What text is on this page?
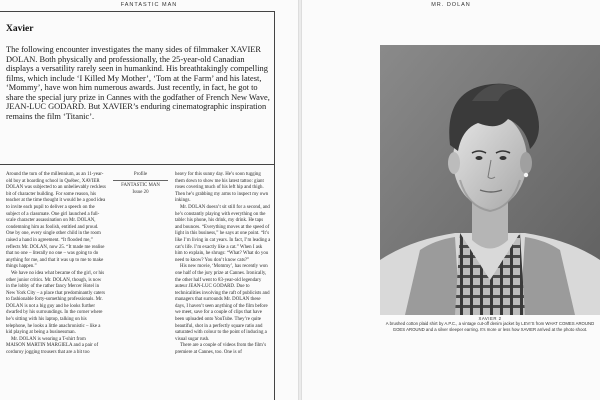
FANTASTIC MAN
Xavier

The following encounter investigates the many sides of filmmaker XAVIER DOLAN. Both physically and professionally, the 25-year-old Canadian displays a versatility rarely seen in humankind. His breathtakingly compelling films, which include ‘I Killed My Mother’, ‘Tom at the Farm’ and his latest, ‘Mommy’, have won him numerous awards. Just recently, in fact, he got to share the special jury prize in Cannes with the godfather of French New Wave, JEAN-LUC GODARD. But XAVIER’s enduring cinematographic inspiration remains the film ‘Titanic’.

Around the turn of the millennium, as an 11-year-old boy at boarding school in Québec, XAVIER DOLAN was subjected to an unbelievably reckless bit of character building. For some reason, his teacher at the time thought it would be a good idea to invite each pupil to deliver a speech on the subject of a classmate. One girl launched a full-scale character assassination on Mr. DOLAN, condemning him as foolish, entitled and proud. One by one, every single other child in the room raised a hand in agreement. “It flooded me,” reflects Mr. DOLAN, now 25. “It made me realise that no one – literally no one – was going to do anything for me, and that it was up to me to make things happen.”

We have no idea what became of the girl, or his other junior critics. Mr. DOLAN, though, is now in the lobby of the rather fancy Mercer Hotel in New York City – a place that predominantly caters to fashionable forty-something professionals. Mr. DOLAN is not a big guy and he looks further dwarfed by his surroundings. In the corner where he’s sitting with his laptop, talking on his telephone, he looks a little anachronistic – like a kid playing at being a businessman.

Mr. DOLAN is wearing a T-shirt from MAISON MARTIN MARGIELA and a pair of corduroy jogging trousers that are a bit too

Profile
FANTASTIC MAN
Issue 20

heavy for this sunny day. He’s soon tugging them down to show me his latest tattoo: giant roses covering much of his left hip and thigh. Then he’s grabbing my arms to inspect my own inkings.

Mr. DOLAN doesn’t sit still for a second, and he’s constantly playing with everything on the table: his phone, his drink, my drink. He taps and bounces. “Everything moves at the speed of light in this business,” he says at one point. “It’s like I’m living in cat years. In fact, I’m leading a cat’s life. I’m exactly like a cat.” When I ask him to explain, he shrugs: “What? What do you need to know? You don’t know cats?”

His new movie, ‘Mommy’, has recently won one half of the jury prize at Cannes. Ironically, the other half went to 83-year-old legendary auteur JEAN-LUC GODARD. Due to technicalities involving the raft of publicists and managers that surrounds Mr. DOLAN these days, I haven’t seen anything of the film before we meet, save for a couple of clips that have been uploaded onto YouTube. They’re quite beautiful, shot in a perfectly square ratio and saturated with colour to the point of inducing a visual sugar rush.

There are a couple of videos from the film’s premiere at Cannes, too. One is of

MR. DOLAN
XAVIER 2
A brushed cotton plaid shirt by A.P.C., a vintage cut-off denim jacket by LEVI’S from WHAT COMES AROUND GOES AROUND and a silver sleeper earring. It’s more or less how XAVIER arrived at the photo shoot.
